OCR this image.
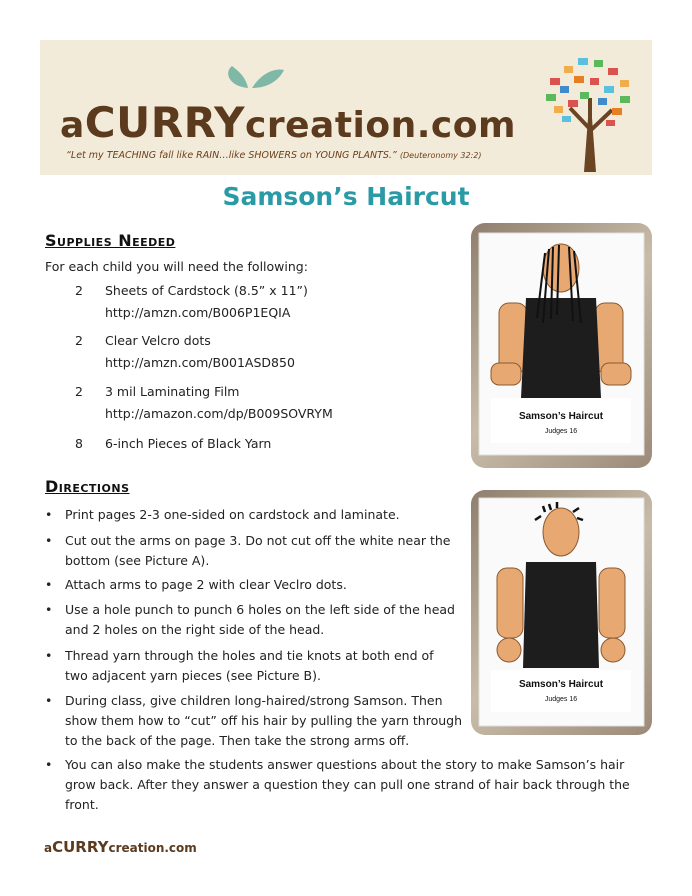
aCURRYcreation.com
“Let my TEACHING fall like RAIN…like SHOWERS on YOUNG PLANTS.” (Deuteronomy 32:2)
Samson’s Haircut
Supplies Needed
For each child you will need the following:
2	Sheets of Cardstock (8.5” x 11”)
http://amzn.com/B006P1EQIA
2	Clear Velcro dots
http://amzn.com/B001ASD850
2	3 mil Laminating Film
http://amazon.com/dp/B009SOVRYM
8	6-inch Pieces of Black Yarn
Directions
• Print pages 2-3 one-sided on cardstock and laminate.
• Cut out the arms on page 3. Do not cut off the white near the
bottom (see Picture A).
• Attach arms to page 2 with clear Veclro dots.
• Use a hole punch to punch 6 holes on the left side of the head
and 2 holes on the right side of the head.
• Thread yarn through the holes and tie knots at both end of
two adjacent yarn pieces (see Picture B).
• During class, give children long-haired/strong Samson. Then
show them how to “cut” off his hair by pulling the yarn through
to the back of the page. Then take the strong arms off.
• You can also make the students answer questions about the story to make Samson’s hair
grow back. After they answer a question they can pull one strand of hair back through the
front.
Samson’s Haircut
Judges 16
Samson’s Haircut
Judges 16
aCURRYcreation.com
